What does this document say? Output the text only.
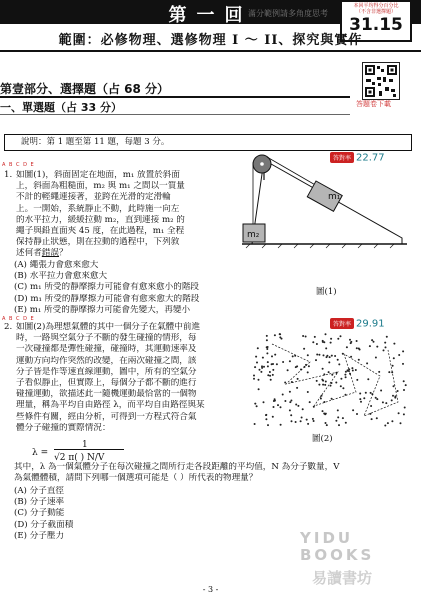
第一回
滿分範例請多角度思考
本回平均得分百分比
（不含非選擇題）
31.15
範圍：必修物理、選修物理 I ～ II、探究與實作
答題卷下載
第壹部分、選擇題（占 68 分）
一、單選題（占 33 分）
說明：第 1 題至第 11 題，每題 3 分。
A B C D E
1. 如圖(1)，斜面固定在地面，m₁ 放置於斜面
上，斜面為粗糙面，m₂ 與 m₁ 之間以一質量
不計的輕繩連接著，並跨在光滑的定滑輪
上。一開始，系統靜止不動，此時施一向左
的水平拉力，緩緩拉動 m₂，直到連接 m₂ 的
繩子與鉛直面夾 45 度，在此過程，m₁ 全程
保持靜止狀態，則在拉動的過程中，下列敘
述何者錯誤？
(A) 繩張力會愈來愈大
(B) 水平拉力會愈來愈大
(C) m₁ 所受的靜摩擦力可能會有愈來愈小的階段
(D) m₁ 所受的靜摩擦力可能會有愈來愈大的階段
(E) m₁ 所受的靜摩擦力可能會先變大，再變小
答對率 22.77
m₁
m₂
圖(1)
A B C D E
2. 如圖(2)為理想氣體的其中一個分子在氣體中前進
時，一路與空氣分子不斷的發生碰撞的情形，每
一次碰撞都是彈性碰撞，碰撞時，其運動速率及
運動方向均作突然的改變，在兩次碰撞之間，該
分子皆是作等速直線運動，圖中，所有的空氣分
子看似靜止，但實際上，每個分子都不斷的進行
碰撞運動，欲描述此一隨機運動最恰當的一個物
理量，稱為平均自由路徑 λ，而平均自由路徑與某
些條件有關，經由分析，可得到一方程式符合氣
體分子碰撞的實際情況：
λ =
1
√2 π( ) N/V
其中，λ 為一個氣體分子在每次碰撞之間所行走各段距離的平均值，N 為分子數量，V
為氣體體積，請問下列哪一個選項可能是（ ）所代表的物理量？
(A) 分子直徑
(B) 分子速率
(C) 分子動能
(D) 分子截面積
(E) 分子壓力
答對率 29.91
圖(2)
YIDU
BOOKS
易讀書坊
- 3 -
